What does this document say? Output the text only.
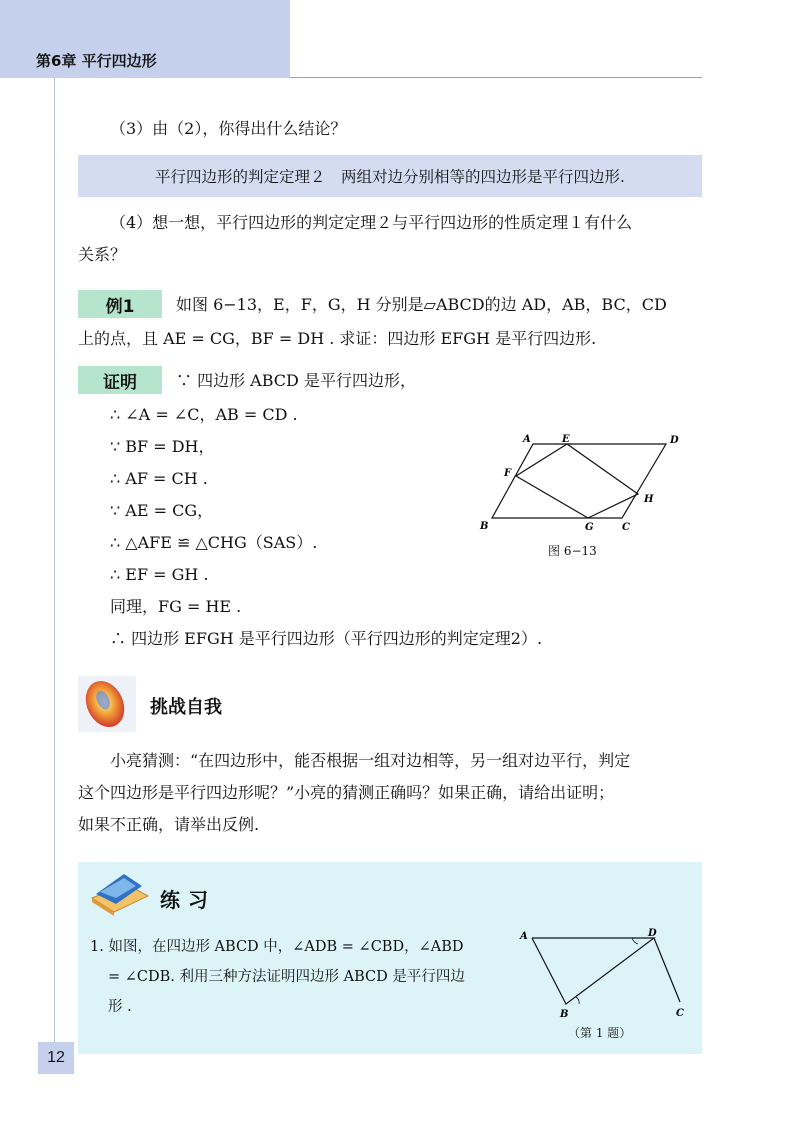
第6章 平行四边形
（3）由（2），你得出什么结论？
平行四边形的判定定理２　两组对边分别相等的四边形是平行四边形.
（4）想一想，平行四边形的判定定理２与平行四边形的性质定理１有什么
关系？
例1	如图 6−13，E，F，G，H 分别是▱ABCD的边 AD，AB，BC，CD
上的点，且 AE = CG，BF = DH . 求证：四边形 EFGH 是平行四边形.
证明	∵ 四边形 ABCD 是平行四边形，
∴ ∠A = ∠C，AB = CD .
∵ BF = DH，
∴ AF = CH .
∵ AE = CG，
∴ △AFE ≌ △CHG（SAS）.
∴ EF = GH .
同理，FG = HE .
∴ 四边形 EFGH 是平行四边形（平行四边形的判定定理2）.
A	E	D
F
H
B	G	C
图 6−13
挑战自我
小亮猜测：“在四边形中，能否根据一组对边相等，另一组对边平行，判定
这个四边形是平行四边形呢？”小亮的猜测正确吗？如果正确，请给出证明；
如果不正确，请举出反例.
练习
1. 如图，在四边形 ABCD 中，∠ADB = ∠CBD，∠ABD
= ∠CDB. 利用三种方法证明四边形 ABCD 是平行四边
形 .
A	D
B	C
（第 1 题）
12
